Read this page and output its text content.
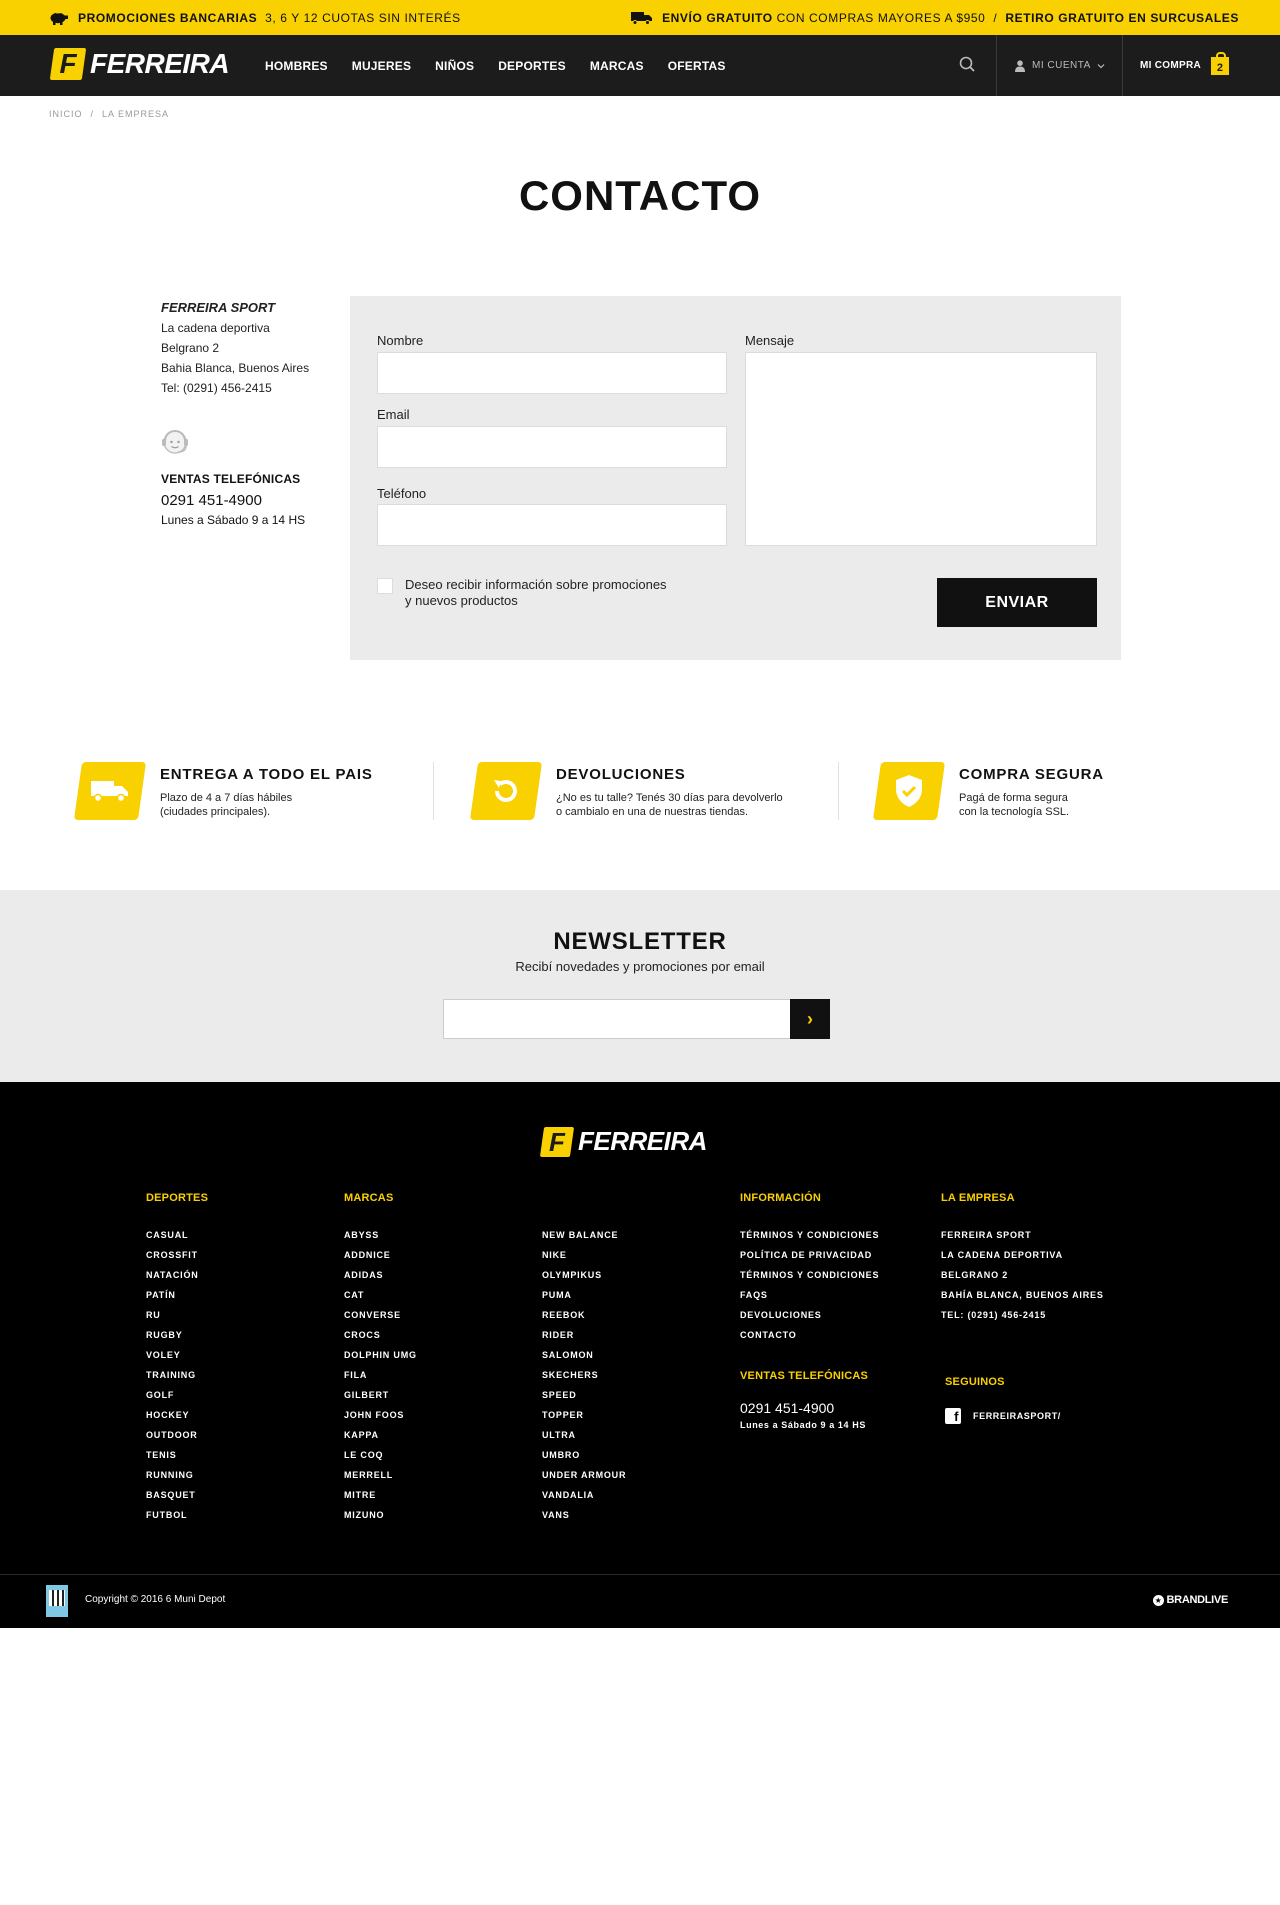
PROMOCIONES BANCARIAS
3, 6 Y 12 CUOTAS SIN INTERÉS	ENVÍO GRATUITO
CON COMPRAS MAYORES A $950 / RETIRO GRATUITO EN SURCUSALES
F FERREIRA	HOMBRES MUJERES NIÑOS DEPORTES MARCAS OFERTAS	MI CUENTA	MI COMPRA 2
INICIO / LA EMPRESA
CONTACTO
FERREIRA SPORT
La cadena deportiva
Belgrano 2
Bahia Blanca, Buenos Aires
Tel: (0291) 456-2415
VENTAS TELEFÓNICAS
0291 451-4900
Lunes a Sábado 9 a 14 HS
Nombre
Email
Teléfono
Mensaje
Deseo recibir información sobre promociones
y nuevos productos	ENVIAR
ENTREGA A TODO EL PAIS
Plazo de 4 a 7 días hábiles
(ciudades principales).
DEVOLUCIONES
¿No es tu talle? Tenés 30 días para devolverlo
o cambialo en una de nuestras tiendas.
COMPRA SEGURA
Pagá de forma segura
con la tecnología SSL.
NEWSLETTER
Recibí novedades y promociones por email
›
F FERREIRA
DEPORTES
CASUAL
CROSSFIT
NATACIÓN
PATÍN
RU
RUGBY
VOLEY
TRAINING
GOLF
HOCKEY
OUTDOOR
TENIS
RUNNING
BASQUET
FUTBOL
MARCAS
ABYSS
ADDNICE
ADIDAS
CAT
CONVERSE
CROCS
DOLPHIN UMG
FILA
GILBERT
JOHN FOOS
KAPPA
LE COQ
MERRELL
MITRE
MIZUNO
NEW BALANCE
NIKE
OLYMPIKUS
PUMA
REEBOK
RIDER
SALOMON
SKECHERS
SPEED
TOPPER
ULTRA
UMBRO
UNDER ARMOUR
VANDALIA
VANS
INFORMACIÓN
TÉRMINOS Y CONDICIONES
POLÍTICA DE PRIVACIDAD
TÉRMINOS Y CONDICIONES
FAQS
DEVOLUCIONES
CONTACTO
VENTAS TELEFÓNICAS
0291 451-4900
Lunes a Sábado 9 a 14 HS
LA EMPRESA
FERREIRA SPORT
LA CADENA DEPORTIVA
BELGRANO 2
BAHÍA BLANCA, BUENOS AIRES
TEL: (0291) 456-2415
SEGUINOS
f FERREIRASPORT/
Copyright © 2016 6 Muni Depot	★ BRANDLIVE
